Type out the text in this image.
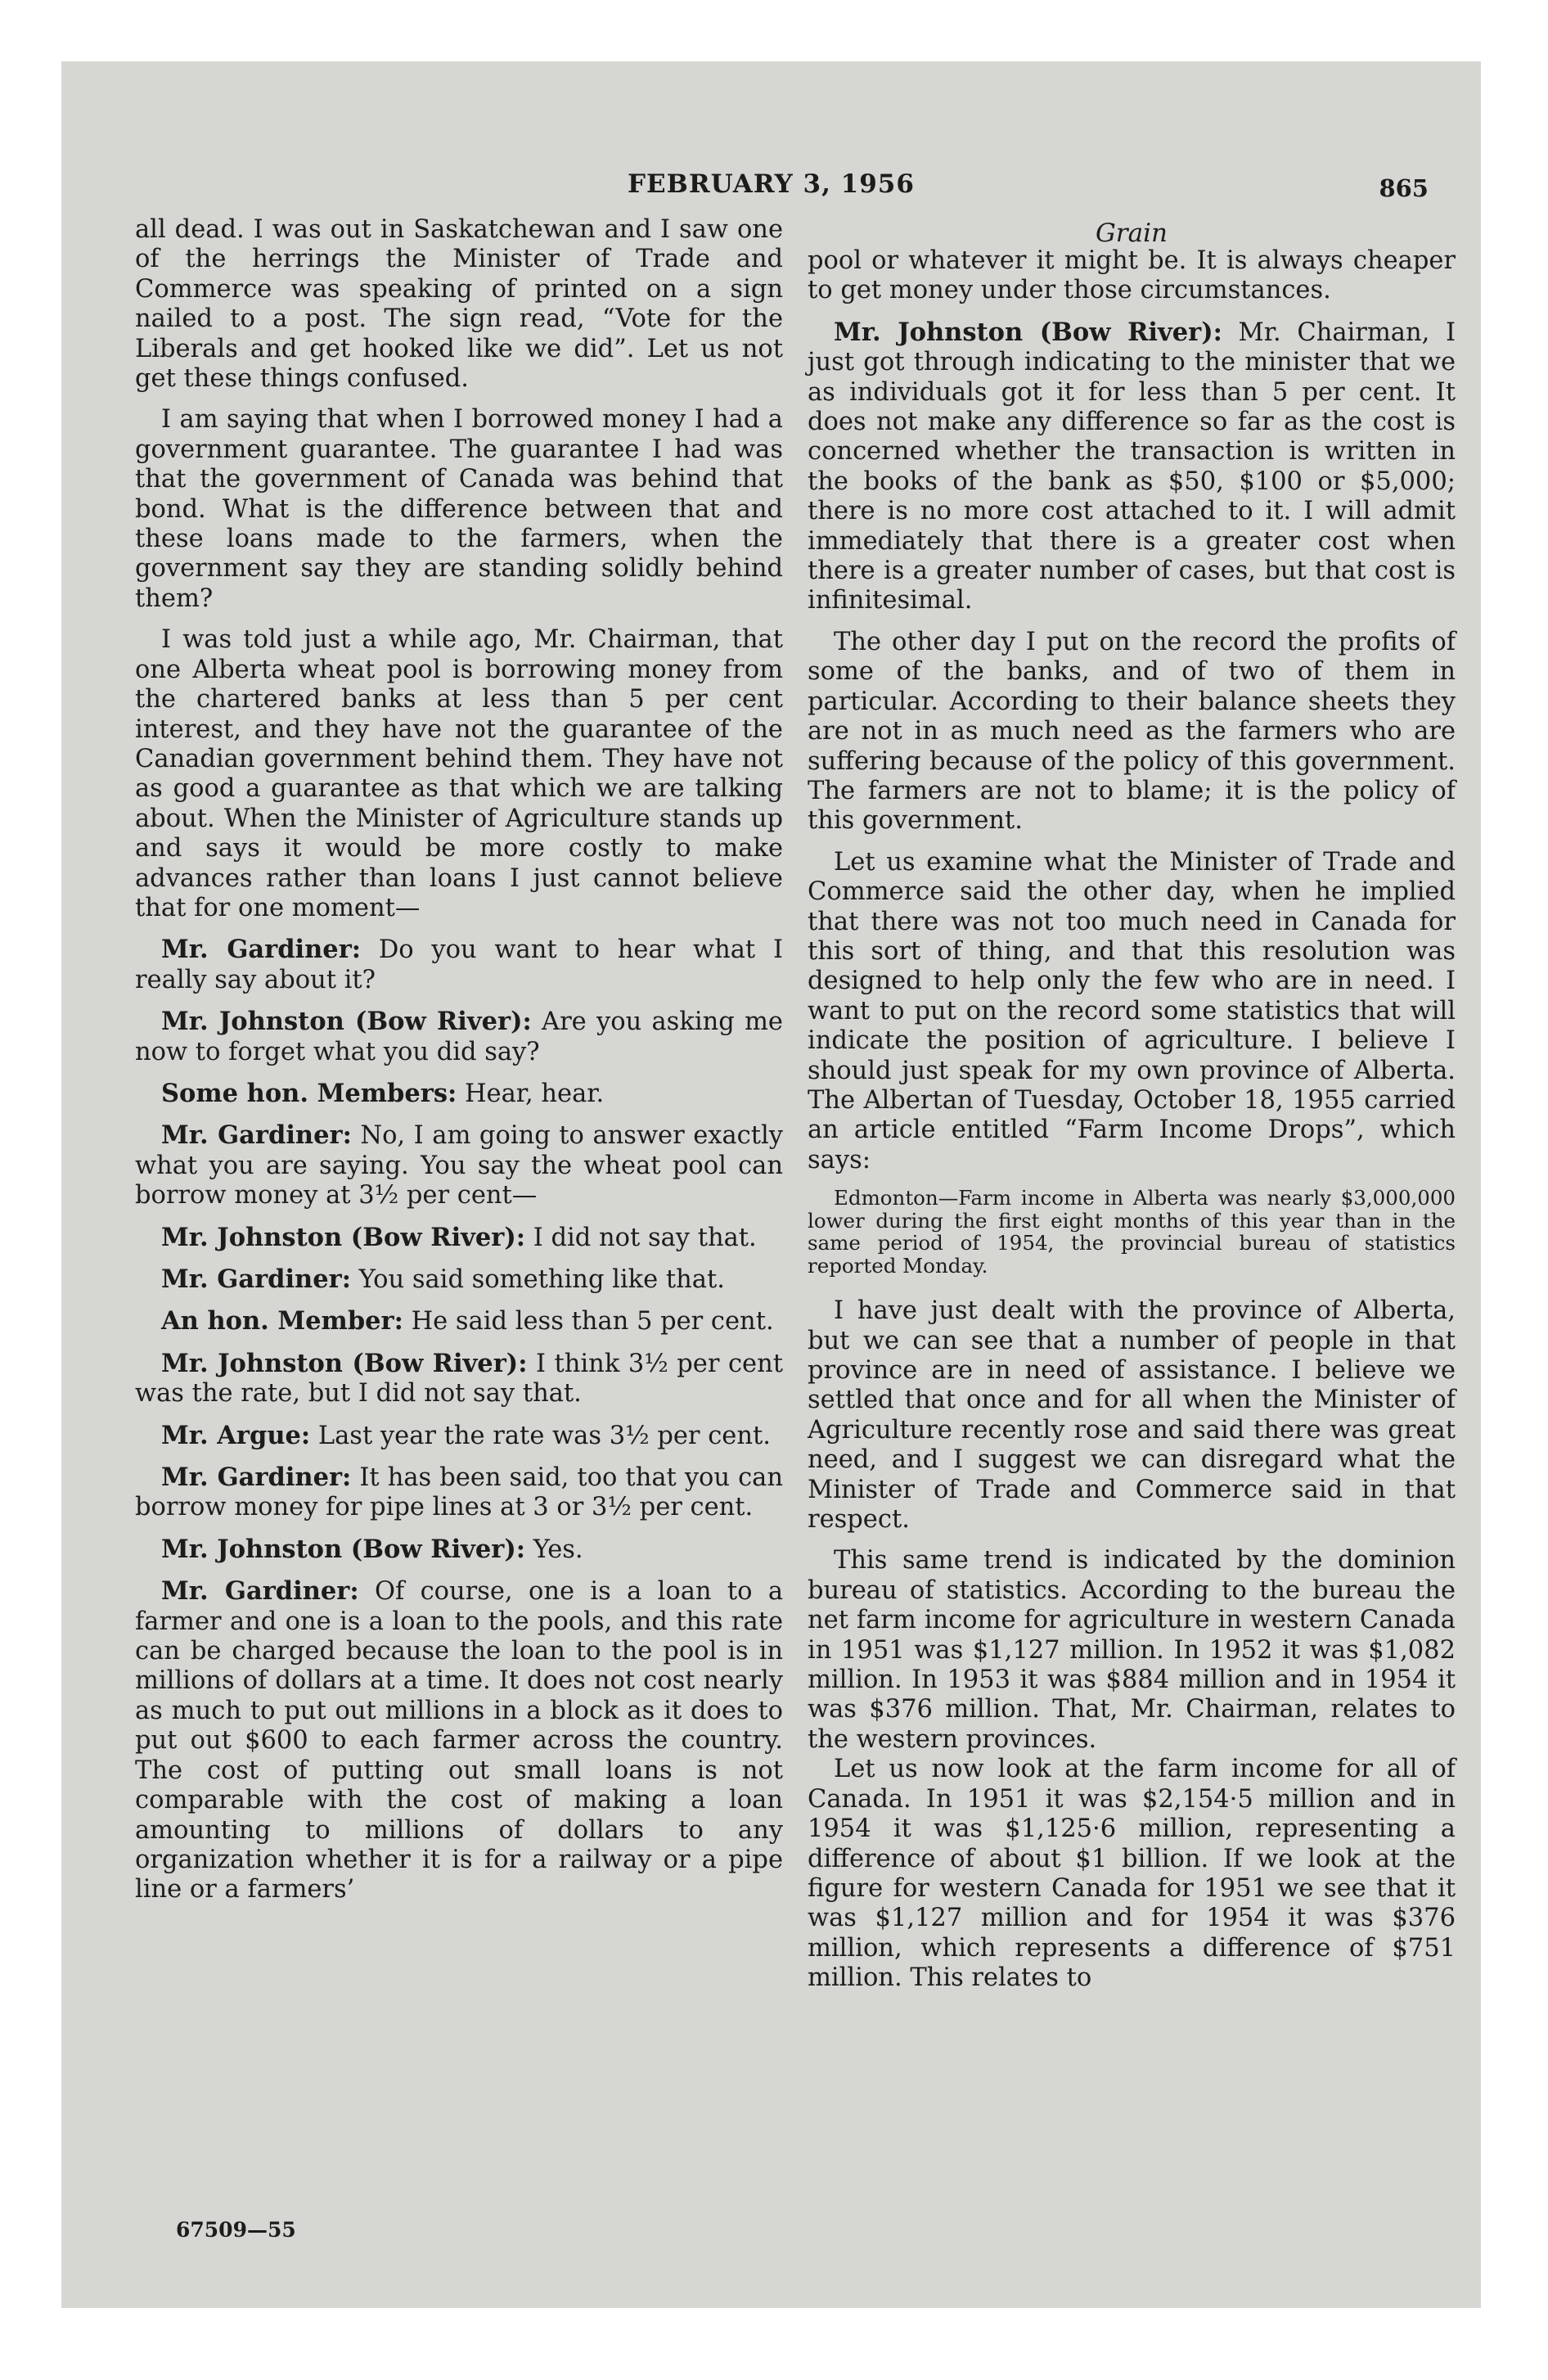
FEBRUARY 3, 1956	865

all dead. I was out in Saskatchewan and I saw one of the herrings the Minister of Trade and Commerce was speaking of printed on a sign nailed to a post. The sign read, “Vote for the Liberals and get hooked like we did”. Let us not get these things confused.

I am saying that when I borrowed money I had a government guarantee. The guarantee I had was that the government of Canada was behind that bond. What is the difference between that and these loans made to the farmers, when the government say they are standing solidly behind them?

I was told just a while ago, Mr. Chairman, that one Alberta wheat pool is borrowing money from the chartered banks at less than 5 per cent interest, and they have not the guarantee of the Canadian government behind them. They have not as good a guarantee as that which we are talking about. When the Minister of Agriculture stands up and says it would be more costly to make advances rather than loans I just cannot believe that for one moment—

Mr. Gardiner: Do you want to hear what I really say about it?

Mr. Johnston (Bow River): Are you asking me now to forget what you did say?

Some hon. Members: Hear, hear.

Mr. Gardiner: No, I am going to answer exactly what you are saying. You say the wheat pool can borrow money at 3½ per cent—

Mr. Johnston (Bow River): I did not say that.

Mr. Gardiner: You said something like that.

An hon. Member: He said less than 5 per cent.

Mr. Johnston (Bow River): I think 3½ per cent was the rate, but I did not say that.

Mr. Argue: Last year the rate was 3½ per cent.

Mr. Gardiner: It has been said, too that you can borrow money for pipe lines at 3 or 3½ per cent.

Mr. Johnston (Bow River): Yes.

Mr. Gardiner: Of course, one is a loan to a farmer and one is a loan to the pools, and this rate can be charged because the loan to the pool is in millions of dollars at a time. It does not cost nearly as much to put out millions in a block as it does to put out $600 to each farmer across the country. The cost of putting out small loans is not comparable with the cost of making a loan amounting to millions of dollars to any organization whether it is for a railway or a pipe line or a farmers’

Grain

pool or whatever it might be. It is always cheaper to get money under those circumstances.

Mr. Johnston (Bow River): Mr. Chairman, I just got through indicating to the minister that we as individuals got it for less than 5 per cent. It does not make any difference so far as the cost is concerned whether the transaction is written in the books of the bank as $50, $100 or $5,000; there is no more cost attached to it. I will admit immediately that there is a greater cost when there is a greater number of cases, but that cost is infinitesimal.

The other day I put on the record the profits of some of the banks, and of two of them in particular. According to their balance sheets they are not in as much need as the farmers who are suffering because of the policy of this government. The farmers are not to blame; it is the policy of this government.

Let us examine what the Minister of Trade and Commerce said the other day, when he implied that there was not too much need in Canada for this sort of thing, and that this resolution was designed to help only the few who are in need. I want to put on the record some statistics that will indicate the position of agriculture. I believe I should just speak for my own province of Alberta. The Albertan of Tuesday, October 18, 1955 carried an article entitled “Farm Income Drops”, which says:

Edmonton—Farm income in Alberta was nearly $3,000,000 lower during the first eight months of this year than in the same period of 1954, the provincial bureau of statistics reported Monday.

I have just dealt with the province of Alberta, but we can see that a number of people in that province are in need of assistance. I believe we settled that once and for all when the Minister of Agriculture recently rose and said there was great need, and I suggest we can disregard what the Minister of Trade and Commerce said in that respect.

This same trend is indicated by the dominion bureau of statistics. According to the bureau the net farm income for agriculture in western Canada in 1951 was $1,127 million. In 1952 it was $1,082 million. In 1953 it was $884 million and in 1954 it was $376 million. That, Mr. Chairman, relates to the western provinces.

Let us now look at the farm income for all of Canada. In 1951 it was $2,154·5 million and in 1954 it was $1,125·6 million, representing a difference of about $1 billion. If we look at the figure for western Canada for 1951 we see that it was $1,127 million and for 1954 it was $376 million, which represents a difference of $751 million. This relates to

67509—55
